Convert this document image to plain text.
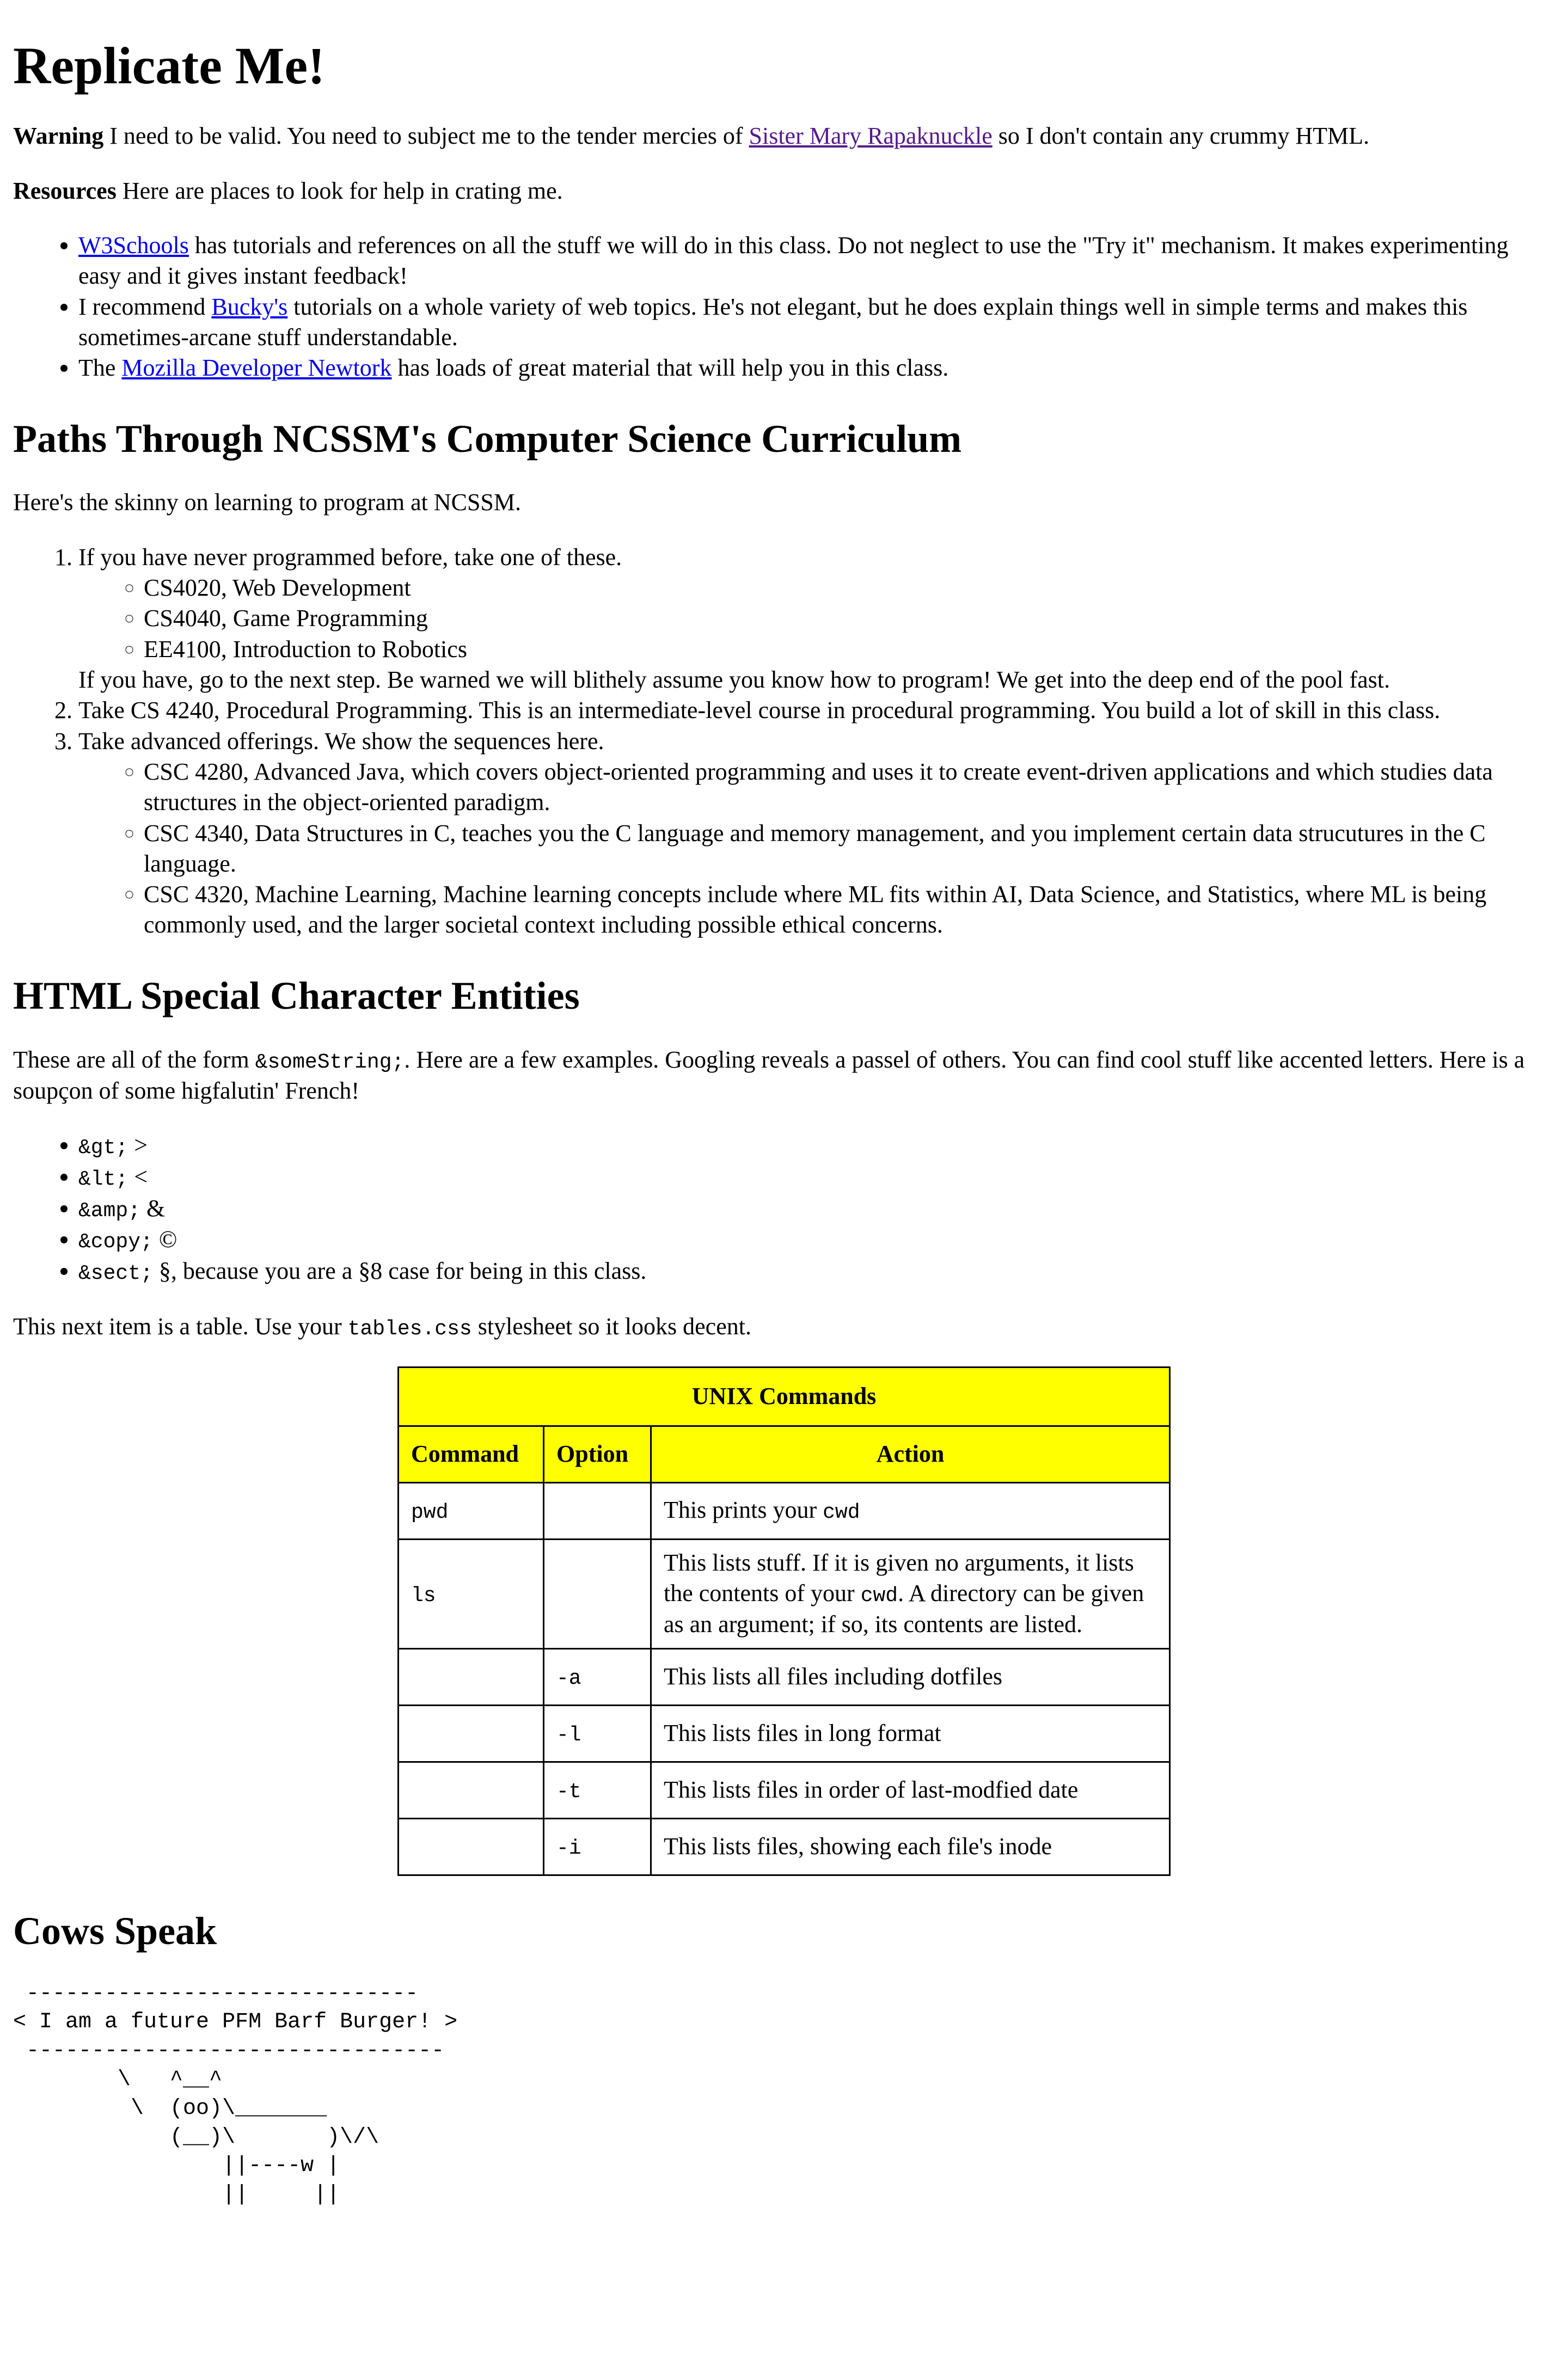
Replicate Me!

Warning I need to be valid. You need to subject me to the tender mercies of Sister Mary Rapaknuckle so I don't contain any crummy HTML.

Resources Here are places to look for help in crating me.

• W3Schools has tutorials and references on all the stuff we will do in this class. Do not neglect to use the "Try it" mechanism. It makes experimenting easy and it gives instant feedback!
• I recommend Bucky's tutorials on a whole variety of web topics. He's not elegant, but he does explain things well in simple terms and makes this sometimes-arcane stuff understandable.
• The Mozilla Developer Newtork has loads of great material that will help you in this class.
Paths Through NCSSM's Computer Science Curriculum

Here's the skinny on learning to program at NCSSM.

1. If you have never programmed before, take one of these.
◦ CS4020, Web Development
◦ CS4040, Game Programming
◦ EE4100, Introduction to Robotics
If you have, go to the next step. Be warned we will blithely assume you know how to program! We get into the deep end of the pool fast.
2. Take CS 4240, Procedural Programming. This is an intermediate-level course in procedural programming. You build a lot of skill in this class.
3. Take advanced offerings. We show the sequences here.
◦ CSC 4280, Advanced Java, which covers object-oriented programming and uses it to create event-driven applications and which studies data structures in the object-oriented paradigm.
◦ CSC 4340, Data Structures in C, teaches you the C language and memory management, and you implement certain data strucutures in the C language.
◦ CSC 4320, Machine Learning, Machine learning concepts include where ML fits within AI, Data Science, and Statistics, where ML is being commonly used, and the larger societal context including possible ethical concerns.
HTML Special Character Entities

These are all of the form &someString;. Here are a few examples. Googling reveals a passel of others. You can find cool stuff like accented letters. Here is a soupçon of some higfalutin' French!

• &gt; >
• &lt; <
• &amp; &
• &copy; ©
• &sect; §, because you are a §8 case for being in this class.

This next item is a table. Use your tables.css stylesheet so it looks decent.

UNIX Commands		
Command	Option	Action
pwd		This prints your cwd
ls		This lists stuff. If it is given no arguments, it lists the contents of your cwd. A directory can be given as an argument; if so, its contents are listed.
	-a	This lists all files including dotfiles
	-l	This lists files in long format
	-t	This lists files in order of last-modfied date
	-i	This lists files, showing each file's inode
Cows Speak
------------------------------
< I am a future PFM Barf Burger! >
--------------------------------
\   ^__^
\  (oo)\_______
(__)\       )\/\
||----w |
||     ||
